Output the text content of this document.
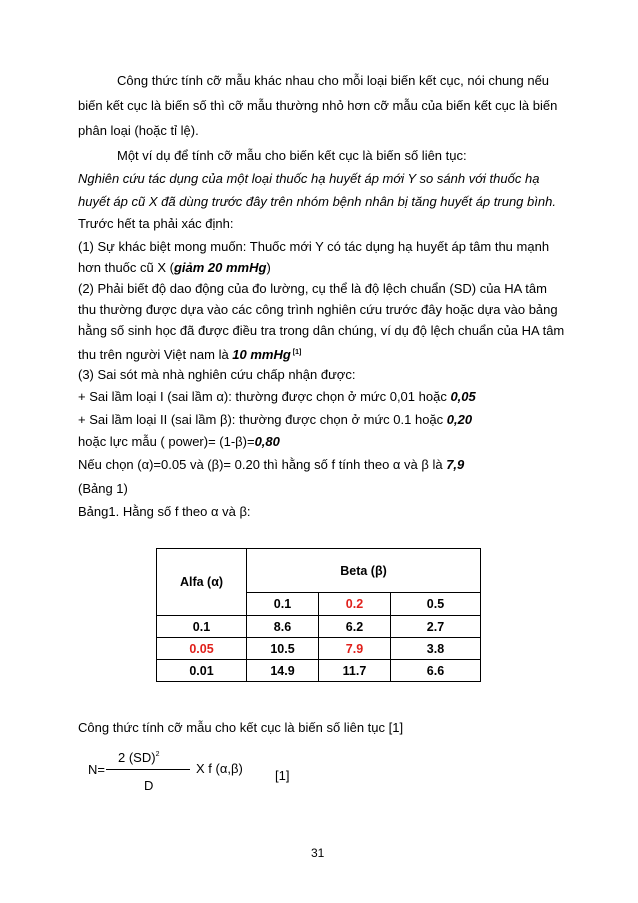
Công thức tính cỡ mẫu khác nhau cho mỗi loại biến kết cục, nói chung nếu
biến kết cục là biến số thì cỡ mẫu thường nhỏ hơn cỡ mẫu của biến kết cục là biến
phân loại (hoặc tỉ lệ).
Một ví dụ để tính cỡ mẫu cho biến kết cục là biến số liên tục:
Nghiên cứu tác dụng của một loại thuốc hạ huyết áp mới Y so sánh với thuốc hạ
huyết áp cũ X đã dùng trước đây trên nhóm bệnh nhân bị tăng huyết áp trung bình.
Trước hết ta phải xác định:
(1) Sự khác biệt mong muốn: Thuốc mới Y có tác dụng hạ huyết áp tâm thu mạnh
hơn thuốc cũ X (giảm 20 mmHg)
(2) Phải biết độ dao động của đo lường, cụ thể là độ lệch chuẩn (SD) của HA tâm
thu thường được dựa vào các công trình nghiên cứu trước đây hoặc dựa vào bảng
hằng số sinh học đã được điều tra trong dân chúng, ví dụ độ lệch chuẩn của HA tâm
thu trên người Việt nam là 10 mmHg [1]
(3) Sai sót mà nhà nghiên cứu chấp nhận được:
+ Sai lầm loại I (sai lầm α): thường được chọn ở mức 0,01 hoặc 0,05
+ Sai lầm loại II (sai lầm β): thường được chọn ở mức 0.1 hoặc 0,20
hoặc lực mẫu ( power)= (1-β)=0,80
Nếu chọn (α)=0.05 và (β)= 0.20 thì hằng số f tính theo α và β là 7,9
(Bảng 1)
Bảng1. Hằng số f theo α và β:
Alfa (α)	Beta (β)		
	0.1	0.2	0.5
0.1	8.6	6.2	2.7
0.05	10.5	7.9	3.8
0.01	14.9	11.7	6.6
Công thức tính cỡ mẫu cho kết cục là biến số liên tục [1]
N=
2 (SD)$^2$
D
X f (α,β) [1]
31
